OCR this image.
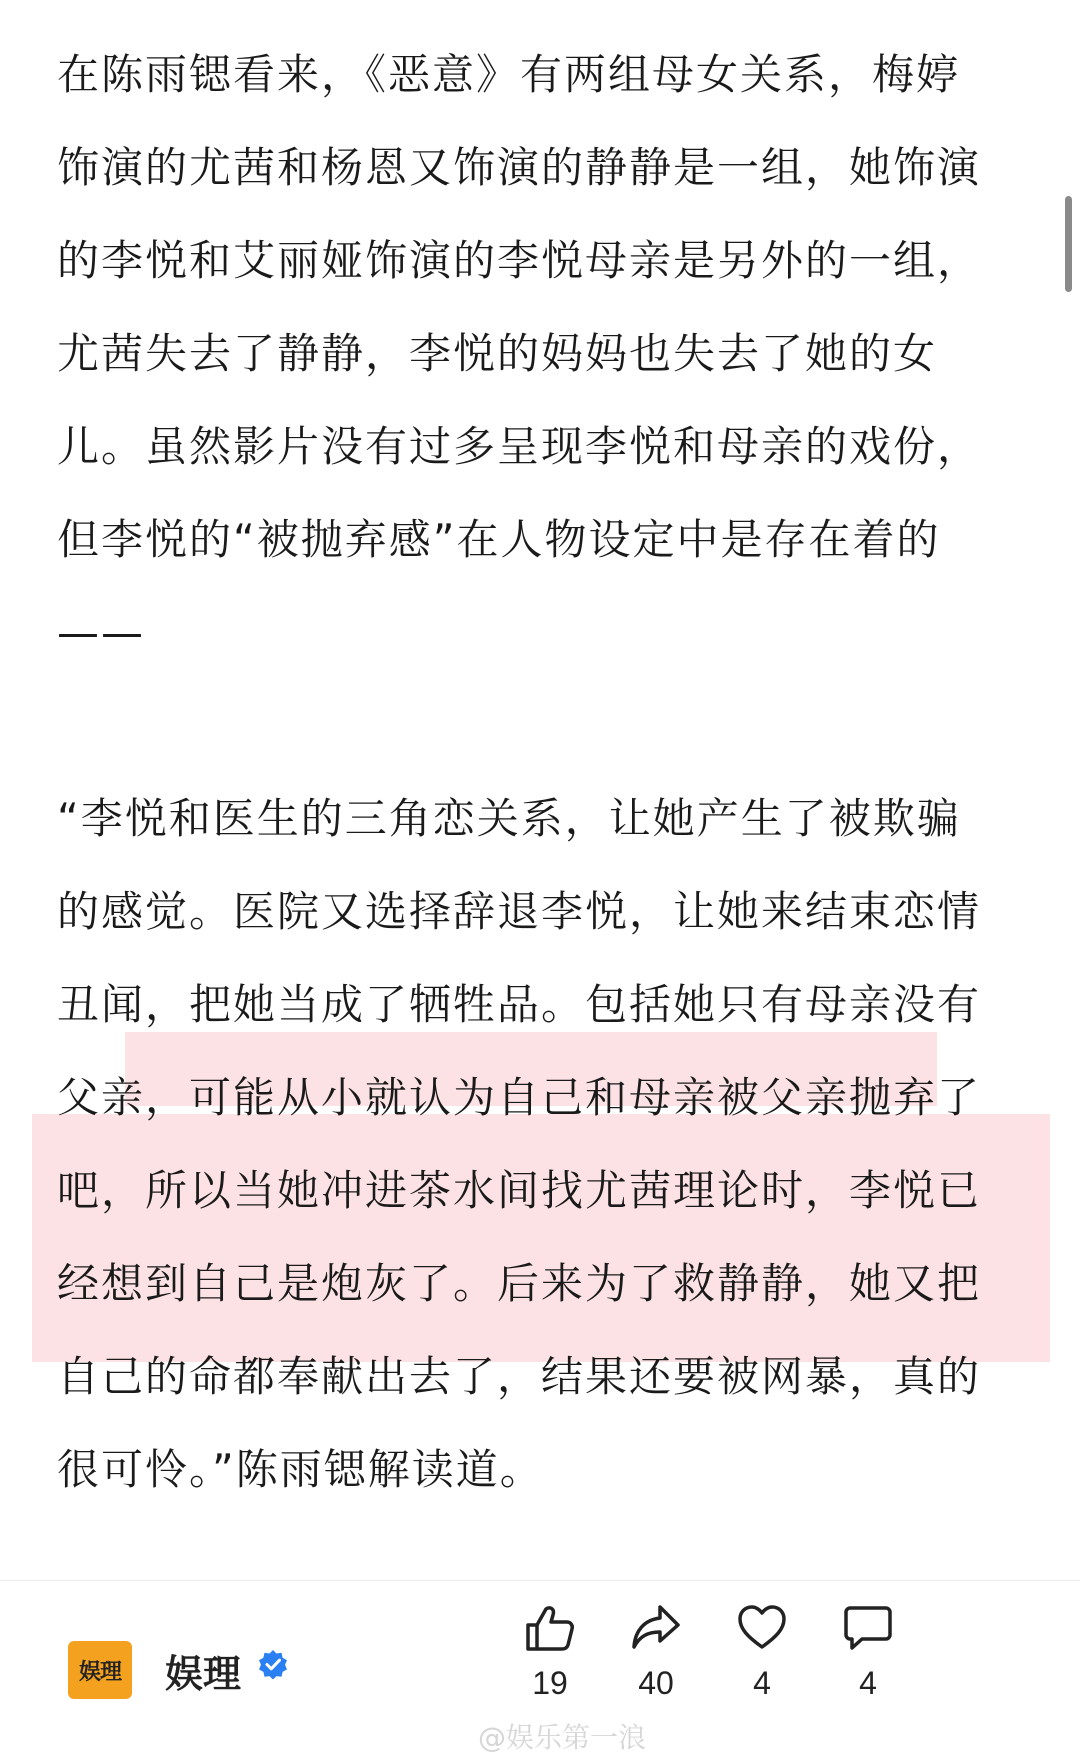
在陈雨锶看来，《恶意》有两组母女关系，梅婷
饰演的尤茜和杨恩又饰演的静静是一组，她饰演
的李悦和艾丽娅饰演的李悦母亲是另外的一组，
尤茜失去了静静，李悦的妈妈也失去了她的女
儿。虽然影片没有过多呈现李悦和母亲的戏份，
但李悦的“被抛弃感”在人物设定中是存在着的
——

“李悦和医生的三角恋关系，让她产生了被欺骗
的感觉。医院又选择辞退李悦，让她来结束恋情
丑闻，把她当成了牺牲品。包括她只有母亲没有
父亲，可能从小就认为自己和母亲被父亲抛弃了
吧，所以当她冲进茶水间找尤茜理论时，李悦已
经想到自己是炮灰了。后来为了救静静，她又把
自己的命都奉献出去了，结果还要被网暴，真的
很可怜。”陈雨锶解读道。

娱理 娱理	19	40	4	4
@娱乐第一浪
